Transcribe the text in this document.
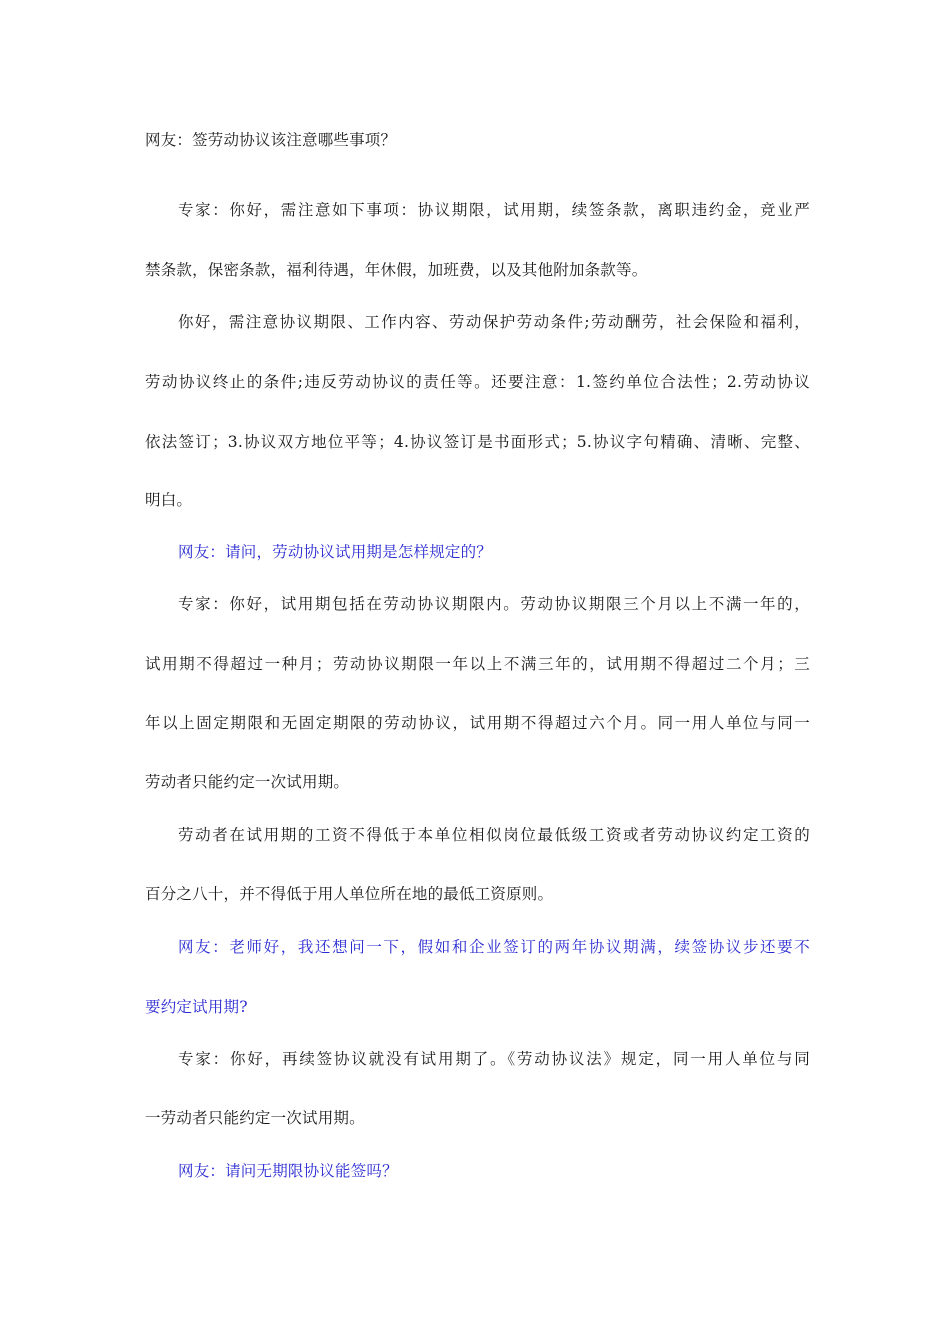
网友：签劳动协议该注意哪些事项？

专家：你好，需注意如下事项：协议期限，试用期，续签条款，离职违约金，竞业严

禁条款，保密条款，福利待遇，年休假，加班费，以及其他附加条款等。

你好，需注意协议期限、工作内容、劳动保护劳动条件;劳动酬劳，社会保险和福利，

劳动协议终止的条件;违反劳动协议的责任等。还要注意：1.签约单位合法性；2.劳动协议

依法签订；3.协议双方地位平等；4.协议签订是书面形式；5.协议字句精确、清晰、完整、

明白。

网友：请问，劳动协议试用期是怎样规定的？

专家：你好，试用期包括在劳动协议期限内。劳动协议期限三个月以上不满一年的，

试用期不得超过一种月；劳动协议期限一年以上不满三年的，试用期不得超过二个月；三

年以上固定期限和无固定期限的劳动协议，试用期不得超过六个月。同一用人单位与同一

劳动者只能约定一次试用期。

劳动者在试用期的工资不得低于本单位相似岗位最低级工资或者劳动协议约定工资的

百分之八十，并不得低于用人单位所在地的最低工资原则。

网友：老师好，我还想问一下，假如和企业签订的两年协议期满，续签协议步还要不

要约定试用期?

专家：你好，再续签协议就没有试用期了。《劳动协议法》规定，同一用人单位与同

一劳动者只能约定一次试用期。

网友：请问无期限协议能签吗？
